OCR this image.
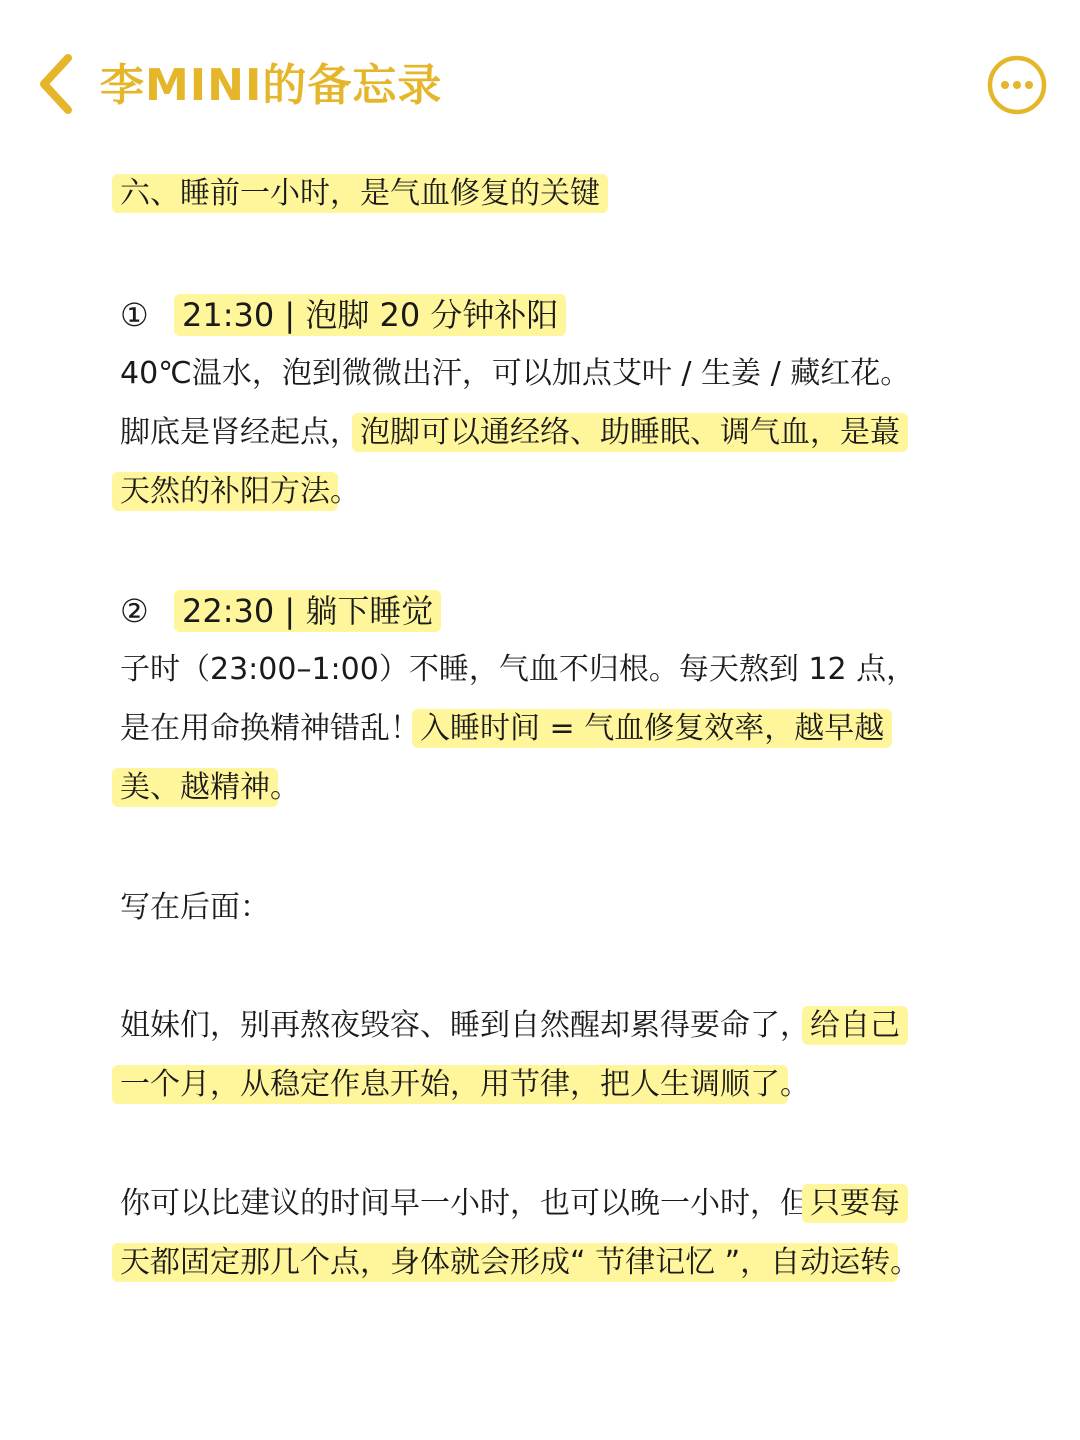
李MINI的备忘录
六、睡前一小时，是气血修复的关键
① 21:30 | 泡脚 20 分钟补阳
40℃温水，泡到微微出汗，可以加点艾叶 / 生姜 / 藏红花。
脚底是肾经起点，泡脚可以通经络、助睡眠、调气血，是蕞
天然的补阳方法。
② 22:30 | 躺下睡觉
子时（23:00–1:00）不睡，气血不归根。每天熬到 12 点，
是在用命换精神错乱！入睡时间 = 气血修复效率，越早越
美、越精神。
写在后面：
姐妹们，别再熬夜毁容、睡到自然醒却累得要命了，给自己
一个月，从稳定作息开始，用节律，把人生调顺了。
你可以比建议的时间早一小时，也可以晚一小时，但只要每
天都固定那几个点，身体就会形成“ 节律记忆 ”，自动运转。
